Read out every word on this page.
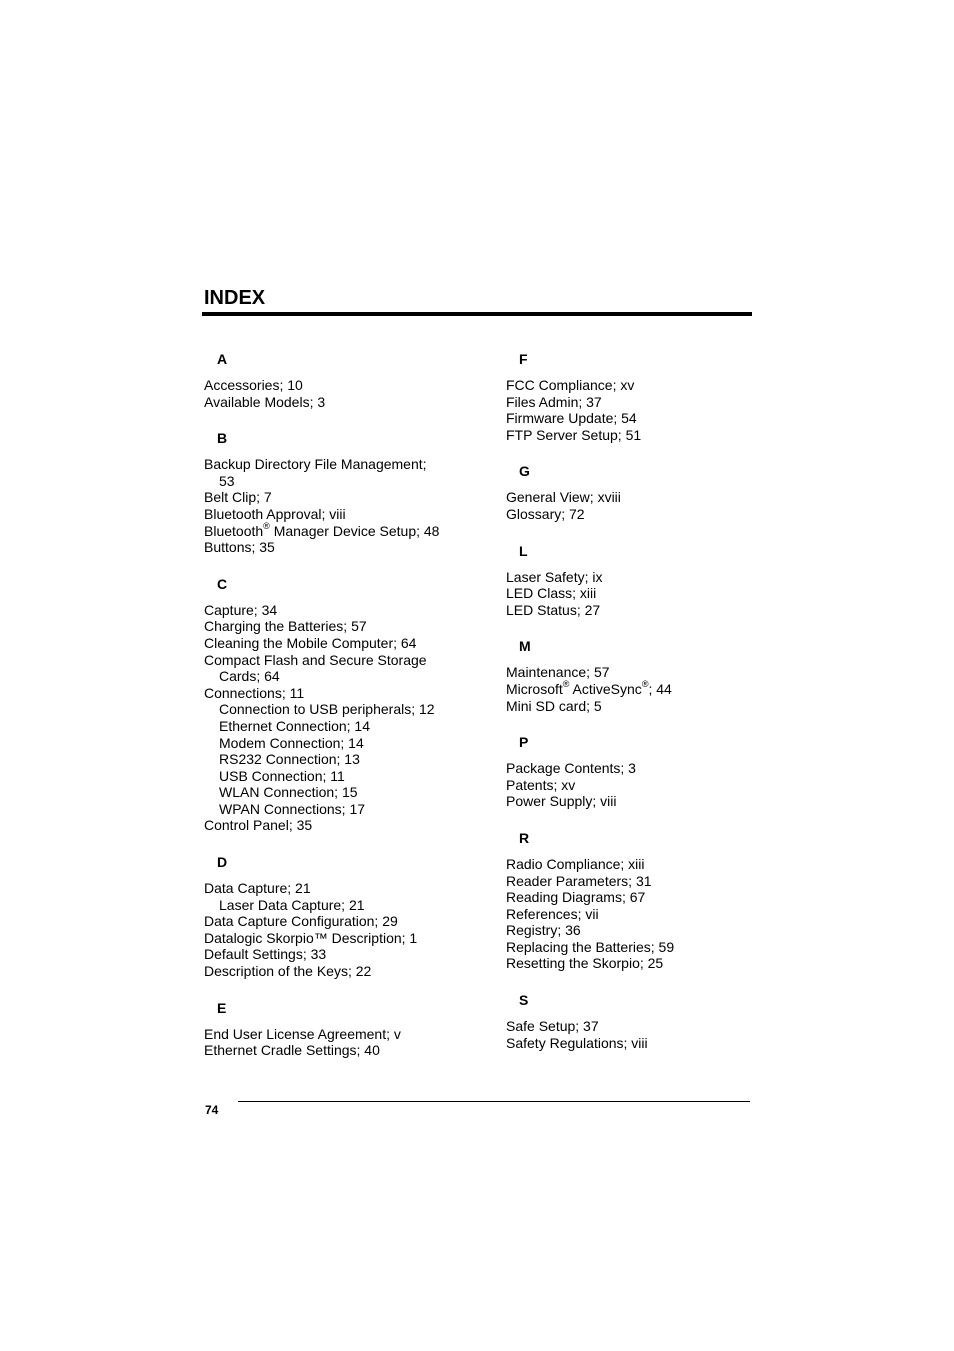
INDEX
A
Accessories; 10
Available Models; 3
B
Backup Directory File Management;
53
Belt Clip; 7
Bluetooth Approval; viii
Bluetooth® Manager Device Setup; 48
Buttons; 35
C
Capture; 34
Charging the Batteries; 57
Cleaning the Mobile Computer; 64
Compact Flash and Secure Storage
Cards; 64
Connections; 11
Connection to USB peripherals; 12
Ethernet Connection; 14
Modem Connection; 14
RS232 Connection; 13
USB Connection; 11
WLAN Connection; 15
WPAN Connections; 17
Control Panel; 35
D
Data Capture; 21
Laser Data Capture; 21
Data Capture Configuration; 29
Datalogic Skorpio™ Description; 1
Default Settings; 33
Description of the Keys; 22
E
End User License Agreement; v
Ethernet Cradle Settings; 40
F
FCC Compliance; xv
Files Admin; 37
Firmware Update; 54
FTP Server Setup; 51
G
General View; xviii
Glossary; 72
L
Laser Safety; ix
LED Class; xiii
LED Status; 27
M
Maintenance; 57
Microsoft® ActiveSync®; 44
Mini SD card; 5
P
Package Contents; 3
Patents; xv
Power Supply; viii
R
Radio Compliance; xiii
Reader Parameters; 31
Reading Diagrams; 67
References; vii
Registry; 36
Replacing the Batteries; 59
Resetting the Skorpio; 25
S
Safe Setup; 37
Safety Regulations; viii
74
